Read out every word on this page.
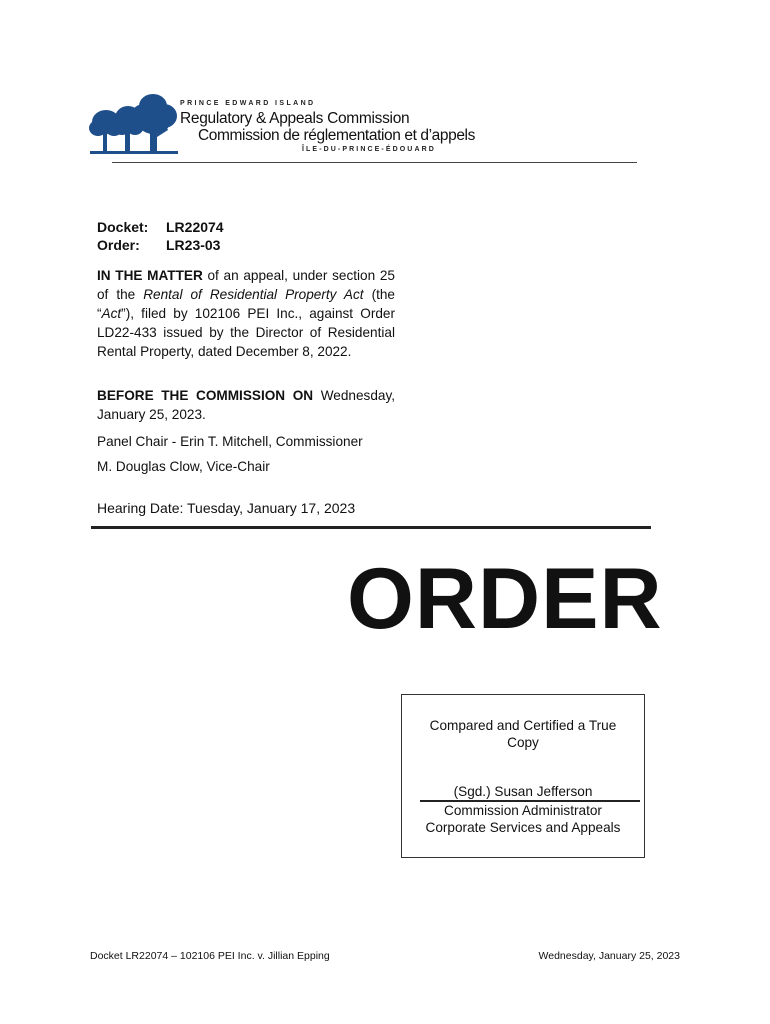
PRINCE EDWARD ISLAND
Regulatory & Appeals Commission
Commission de réglementation et d’appels
ÎLE-DU-PRINCE-ÉDOUARD
Docket: LR22074
Order: LR23-03
IN THE MATTER of an appeal, under section 25 of the Rental of Residential Property Act (the “Act”), filed by 102106 PEI Inc., against Order LD22-433 issued by the Director of Residential Rental Property, dated December 8, 2022.
BEFORE THE COMMISSION ON Wednesday, January 25, 2023.
Panel Chair - Erin T. Mitchell, Commissioner
M. Douglas Clow, Vice-Chair
Hearing Date: Tuesday, January 17, 2023
ORDER
Compared and Certified a True Copy
(Sgd.) Susan Jefferson
Commission Administrator
Corporate Services and Appeals
Docket LR22074 – 102106 PEI Inc. v. Jillian Epping	Wednesday, January 25, 2023
